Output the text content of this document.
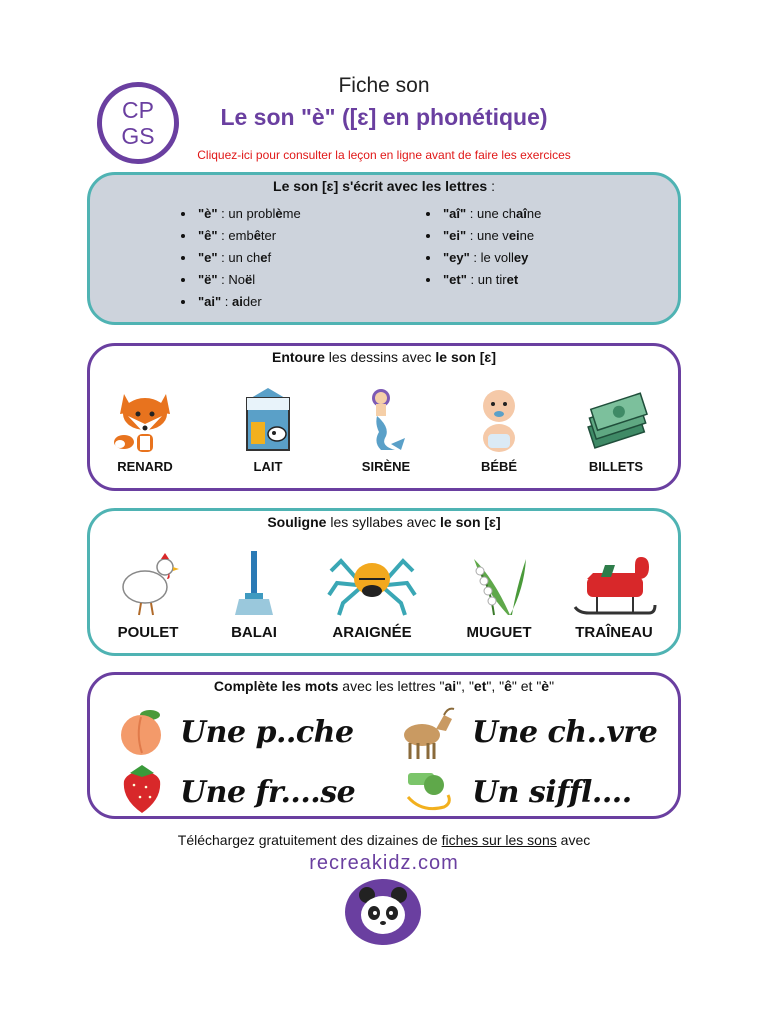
CP
GS
Fiche son
Le son "è" ([ɛ] en phonétique)
Cliquez-ici pour consulter la leçon en ligne avant de faire les exercices
Le son [ɛ] s'écrit avec les lettres :
• "è" : un problème
• "ê" : embêter
• "e" : un chef
• "ë" : Noël
• "ai" : aider
• "aî" : une chaîne
• "ei" : une veine
• "ey" : le volley
• "et" : un tiret
Entoure les dessins avec le son [ɛ]
RENARD	LAIT	SIRÈNE	BÉBÉ	BILLETS
Souligne les syllabes avec le son [ɛ]
POULET	BALAI	ARAIGNÉE	MUGUET	TRAÎNEAU
Complète les mots avec les lettres "ai", "et", "ê" et "è"
Une p..che	Une ch..vre
Une fr....se	Un siffl....
Téléchargez gratuitement des dizaines de fiches sur les sons avec
recreakidz.com
